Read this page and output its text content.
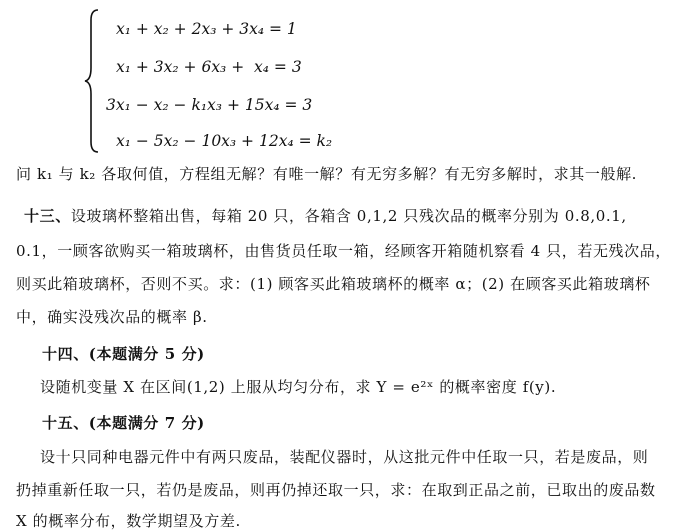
x₁ + x₂ + 2x₃ + 3x₄ = 1
x₁ + 3x₂ + 6x₃ +  x₄ = 3
3x₁ − x₂ − k₁x₃ + 15x₄ = 3
x₁ − 5x₂ − 10x₃ + 12x₄ = k₂
问 k₁ 与 k₂ 各取何值，方程组无解？有唯一解？有无穷多解？有无穷多解时，求其一般解.
十三、设玻璃杯整箱出售，每箱 20 只，各箱含 0,1,2 只残次品的概率分别为 0.8,0.1,
0.1，一顾客欲购买一箱玻璃杯，由售货员任取一箱，经顾客开箱随机察看 4 只，若无残次品，
则买此箱玻璃杯，否则不买。求：(1) 顾客买此箱玻璃杯的概率 α；(2) 在顾客买此箱玻璃杯
中，确实没残次品的概率 β.
十四、(本题满分 5 分)
设随机变量 X 在区间(1,2) 上服从均匀分布，求 Y = e²ˣ 的概率密度 f(y).
十五、(本题满分 7 分)
设十只同种电器元件中有两只废品，装配仪器时，从这批元件中任取一只，若是废品，则
扔掉重新任取一只，若仍是废品，则再仍掉还取一只，求：在取到正品之前，已取出的废品数
X 的概率分布，数学期望及方差.
